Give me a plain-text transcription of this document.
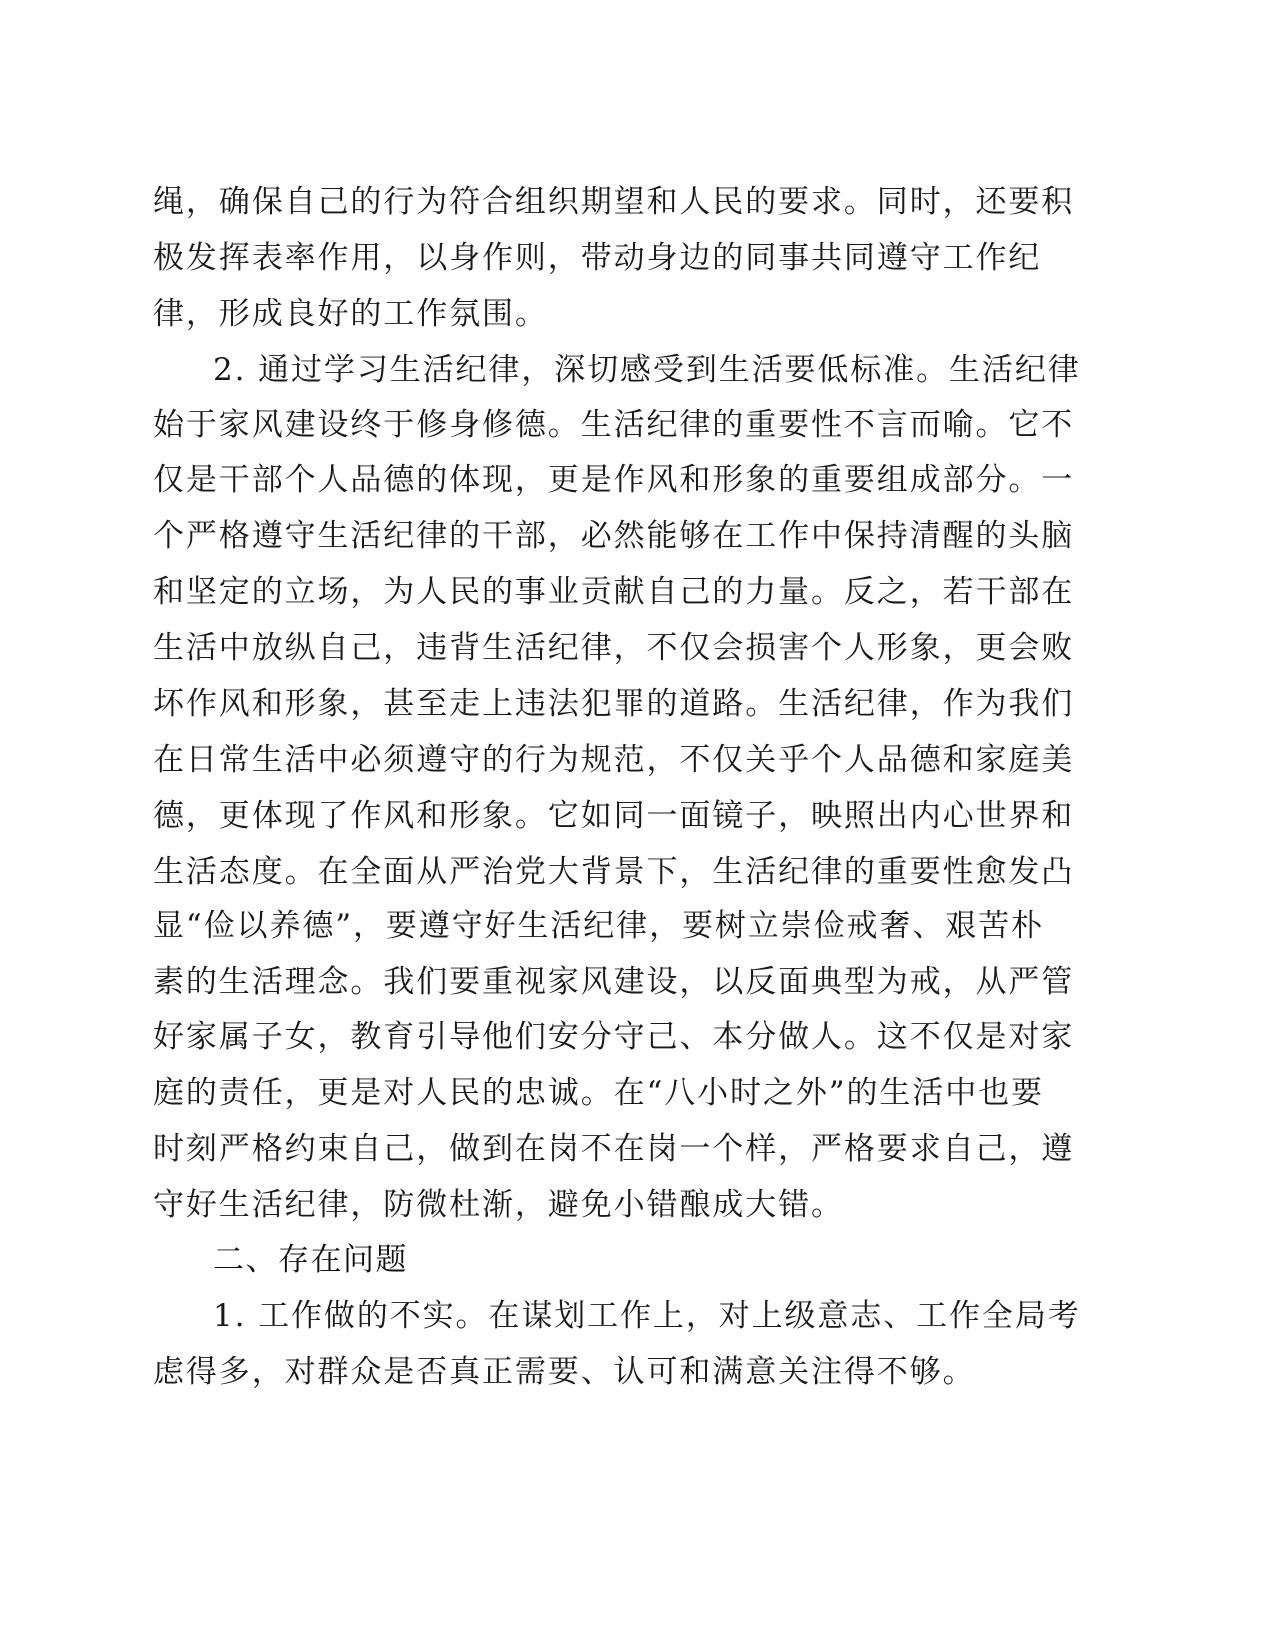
绳，确保自己的行为符合组织期望和人民的要求。同时，还要积
极发挥表率作用，以身作则，带动身边的同事共同遵守工作纪
律，形成良好的工作氛围。
2. 通过学习生活纪律，深切感受到生活要低标准。生活纪律
始于家风建设终于修身修德。生活纪律的重要性不言而喻。它不
仅是干部个人品德的体现，更是作风和形象的重要组成部分。一
个严格遵守生活纪律的干部，必然能够在工作中保持清醒的头脑
和坚定的立场，为人民的事业贡献自己的力量。反之，若干部在
生活中放纵自己，违背生活纪律，不仅会损害个人形象，更会败
坏作风和形象，甚至走上违法犯罪的道路。生活纪律，作为我们
在日常生活中必须遵守的行为规范，不仅关乎个人品德和家庭美
德，更体现了作风和形象。它如同一面镜子，映照出内心世界和
生活态度。在全面从严治党大背景下，生活纪律的重要性愈发凸
显“俭以养德”，要遵守好生活纪律，要树立崇俭戒奢、艰苦朴
素的生活理念。我们要重视家风建设，以反面典型为戒，从严管
好家属子女，教育引导他们安分守己、本分做人。这不仅是对家
庭的责任，更是对人民的忠诚。在“八小时之外”的生活中也要
时刻严格约束自己，做到在岗不在岗一个样，严格要求自己，遵
守好生活纪律，防微杜渐，避免小错酿成大错。
二、存在问题
1. 工作做的不实。在谋划工作上，对上级意志、工作全局考
虑得多，对群众是否真正需要、认可和满意关注得不够。
